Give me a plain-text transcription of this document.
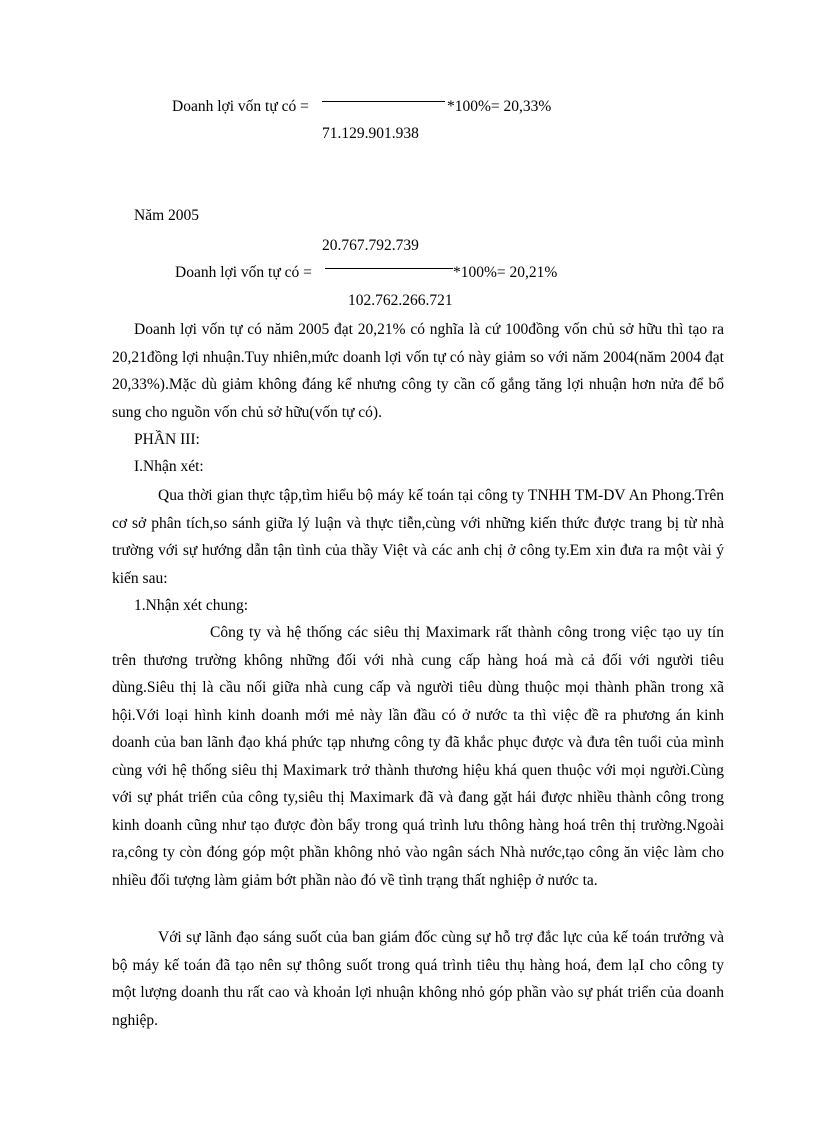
Doanh lợi vốn tự có =	*100%= 20,33%
71.129.901.938
Năm 2005
20.767.792.739
Doanh lợi vốn tự có =	*100%= 20,21%
102.762.266.721

Doanh lợi vốn tự có năm 2005 đạt 20,21% có nghĩa là cứ 100đồng vốn chủ sở hữu thì tạo ra 20,21đồng lợi nhuận.Tuy nhiên,mức doanh lợi vốn tự có này giảm so với năm 2004(năm 2004 đạt 20,33%).Mặc dù giảm không đáng kể nhưng công ty cần cố gắng tăng lợi nhuận hơn nửa để bổ sung cho nguồn vốn chủ sở hữu(vốn tự có).

PHẦN III:
I.Nhận xét:

Qua thời gian thực tập,tìm hiểu bộ máy kế toán tại công ty TNHH TM-DV An Phong.Trên cơ sở phân tích,so sánh giữa lý luận và thực tiễn,cùng với những kiến thức được trang bị từ nhà trường với sự hướng dẫn tận tình của thầy Việt và các anh chị ở công ty.Em xin đưa ra một vài ý kiến sau:

1.Nhận xét chung:

Công ty và hệ thống các siêu thị Maximark rất thành công trong việc tạo uy tín trên thương trường không những đối với nhà cung cấp hàng hoá mà cả đối với người tiêu dùng.Siêu thị là cầu nối giữa nhà cung cấp và người tiêu dùng thuộc mọi thành phần trong xã hội.Với loại hình kinh doanh mới mẻ này lần đầu có ở nước ta thì việc đề ra phương án kinh doanh của ban lãnh đạo khá phức tạp nhưng công ty đã khắc phục được và đưa tên tuổi của mình cùng với hệ thống siêu thị Maximark trở thành thương hiệu khá quen thuộc với mọi người.Cùng với sự phát triển của công ty,siêu thị Maximark đã và đang gặt hái được nhiều thành công trong kinh doanh cũng như tạo được đòn bẩy trong quá trình lưu thông hàng hoá trên thị trường.Ngoài ra,công ty còn đóng góp một phần không nhỏ vào ngân sách Nhà nước,tạo công ăn việc làm cho nhiều đối tượng làm giảm bớt phần nào đó về tình trạng thất nghiệp ở nước ta.

Với sự lãnh đạo sáng suốt của ban giám đốc cùng sự hỗ trợ đắc lực của kế toán trưởng và bộ máy kế toán đã tạo nên sự thông suốt trong quá trình tiêu thụ hàng hoá, đem lạI cho công ty một lượng doanh thu rất cao và khoản lợi nhuận không nhỏ góp phần vào sự phát triển của doanh nghiệp.
